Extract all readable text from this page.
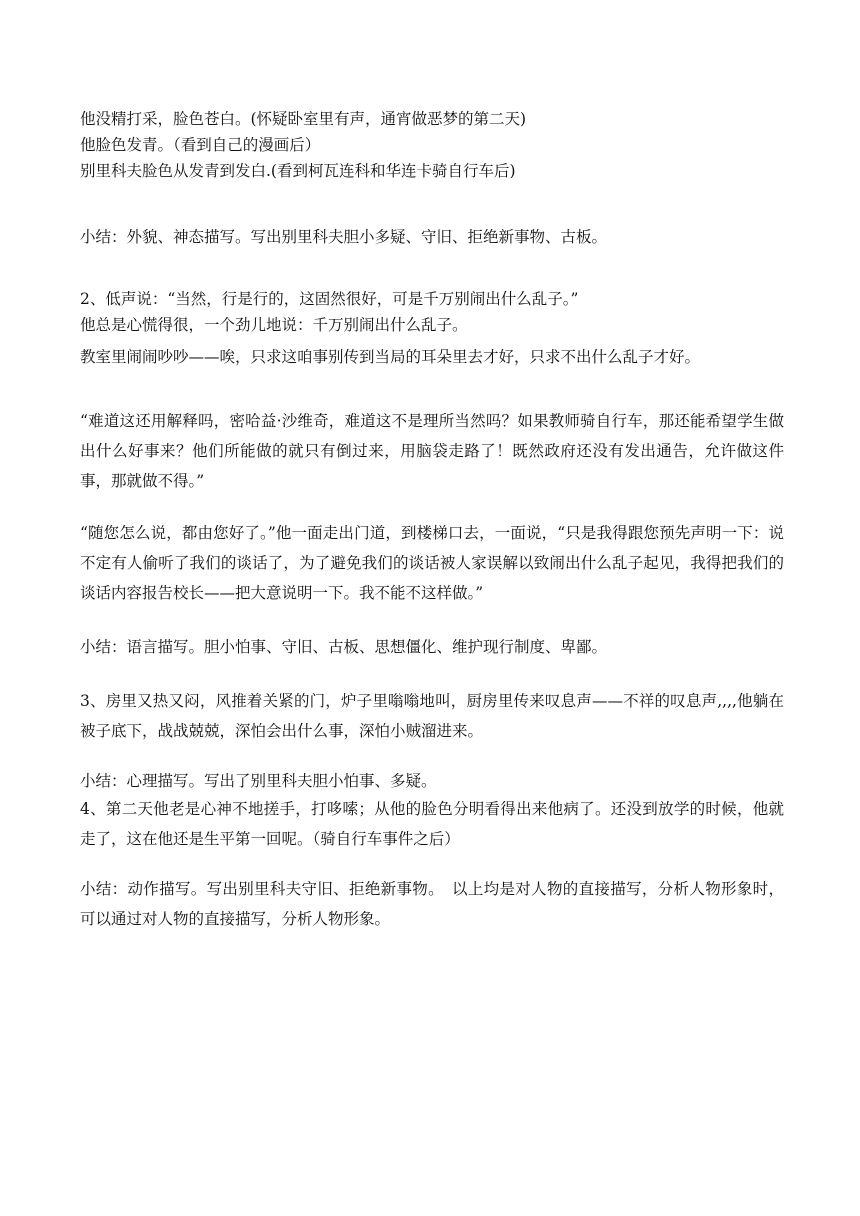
他没精打采，脸色苍白。(怀疑卧室里有声，通宵做恶梦的第二天)
他脸色发青。（看到自己的漫画后）
别里科夫脸色从发青到发白.(看到柯瓦连科和华连卡骑自行车后)
小结：外貌、神态描写。写出别里科夫胆小多疑、守旧、拒绝新事物、古板。
2、低声说：“当然，行是行的，这固然很好，可是千万别闹出什么乱子。”
他总是心慌得很，一个劲儿地说：千万别闹出什么乱子。
教室里闹闹吵吵——唉，只求这咱事别传到当局的耳朵里去才好，只求不出什么乱子才好。
“难道这还用解释吗，密哈益·沙维奇，难道这不是理所当然吗？如果教师骑自行车，那还能希望学生做出什么好事来？他们所能做的就只有倒过来，用脑袋走路了！既然政府还没有发出通告，允许做这件事，那就做不得。”
“随您怎么说，都由您好了。”他一面走出门道，到楼梯口去，一面说，“只是我得跟您预先声明一下：说不定有人偷听了我们的谈话了，为了避免我们的谈话被人家误解以致闹出什么乱子起见，我得把我们的谈话内容报告校长——把大意说明一下。我不能不这样做。”
小结：语言描写。胆小怕事、守旧、古板、思想僵化、维护现行制度、卑鄙。
3、房里又热又闷，风推着关紧的门，炉子里嗡嗡地叫，厨房里传来叹息声——不祥的叹息声,,,,他躺在被子底下，战战兢兢，深怕会出什么事，深怕小贼溜进来。
小结：心理描写。写出了别里科夫胆小怕事、多疑。
4、第二天他老是心神不地搓手，打哆嗦；从他的脸色分明看得出来他病了。还没到放学的时候，他就走了，这在他还是生平第一回呢。（骑自行车事件之后）
小结：动作描写。写出别里科夫守旧、拒绝新事物。　以上均是对人物的直接描写，分析人物形象时，可以通过对人物的直接描写，分析人物形象。
